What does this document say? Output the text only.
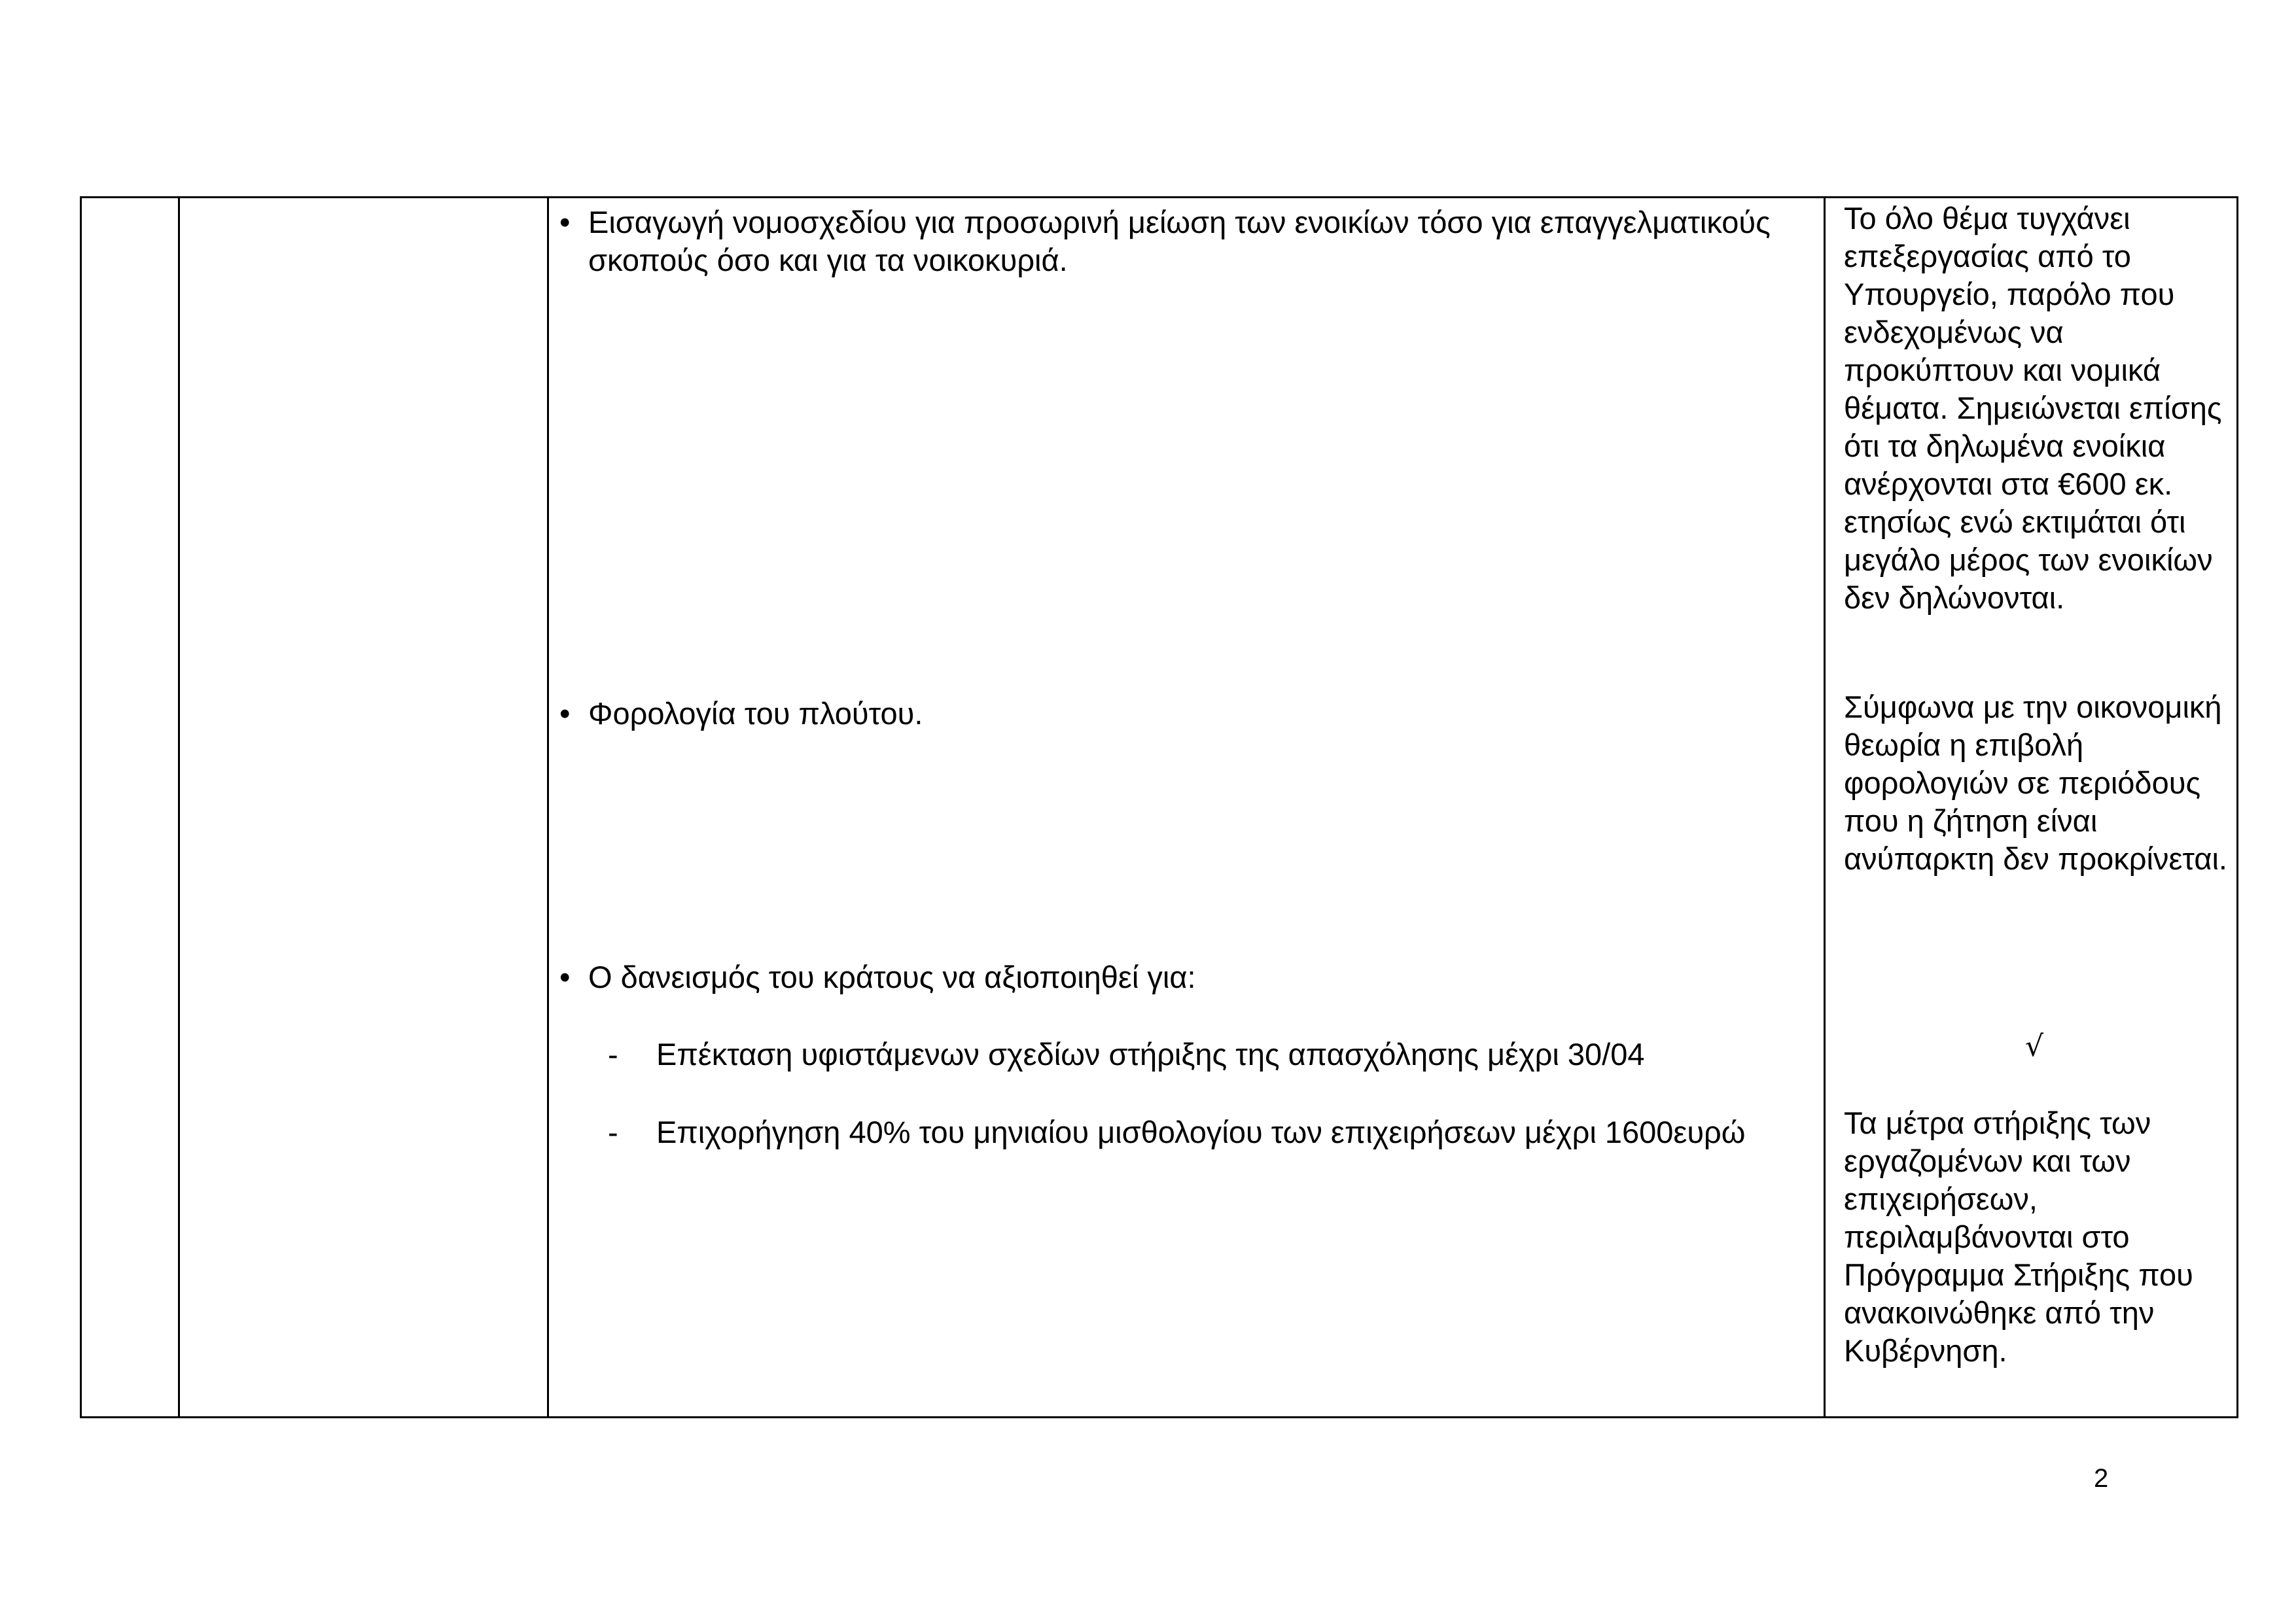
• Εισαγωγή νομοσχεδίου για προσωρινή μείωση των ενοικίων τόσο για επαγγελματικούς σκοπούς όσο και για τα νοικοκυριά.
• Φορολογία του πλούτου.
• Ο δανεισμός του κράτους να αξιοποιηθεί για:
- Επέκταση υφιστάμενων σχεδίων στήριξης της απασχόλησης μέχρι 30/04
- Επιχορήγηση 40% του μηνιαίου μισθολογίου των επιχειρήσεων μέχρι 1600ευρώ
Το όλο θέμα τυγχάνει επεξεργασίας από το Υπουργείο, παρόλο που ενδεχομένως να προκύπτουν και νομικά θέματα. Σημειώνεται επίσης ότι τα δηλωμένα ενοίκια ανέρχονται στα €600 εκ. ετησίως ενώ εκτιμάται ότι μεγάλο μέρος των ενοικίων δεν δηλώνονται.
Σύμφωνα με την οικονομική θεωρία η επιβολή φορολογιών σε περιόδους που η ζήτηση είναι ανύπαρκτη δεν προκρίνεται.
√
Τα μέτρα στήριξης των εργαζομένων και των επιχειρήσεων, περιλαμβάνονται στο Πρόγραμμα Στήριξης που ανακοινώθηκε από την Κυβέρνηση.
2
